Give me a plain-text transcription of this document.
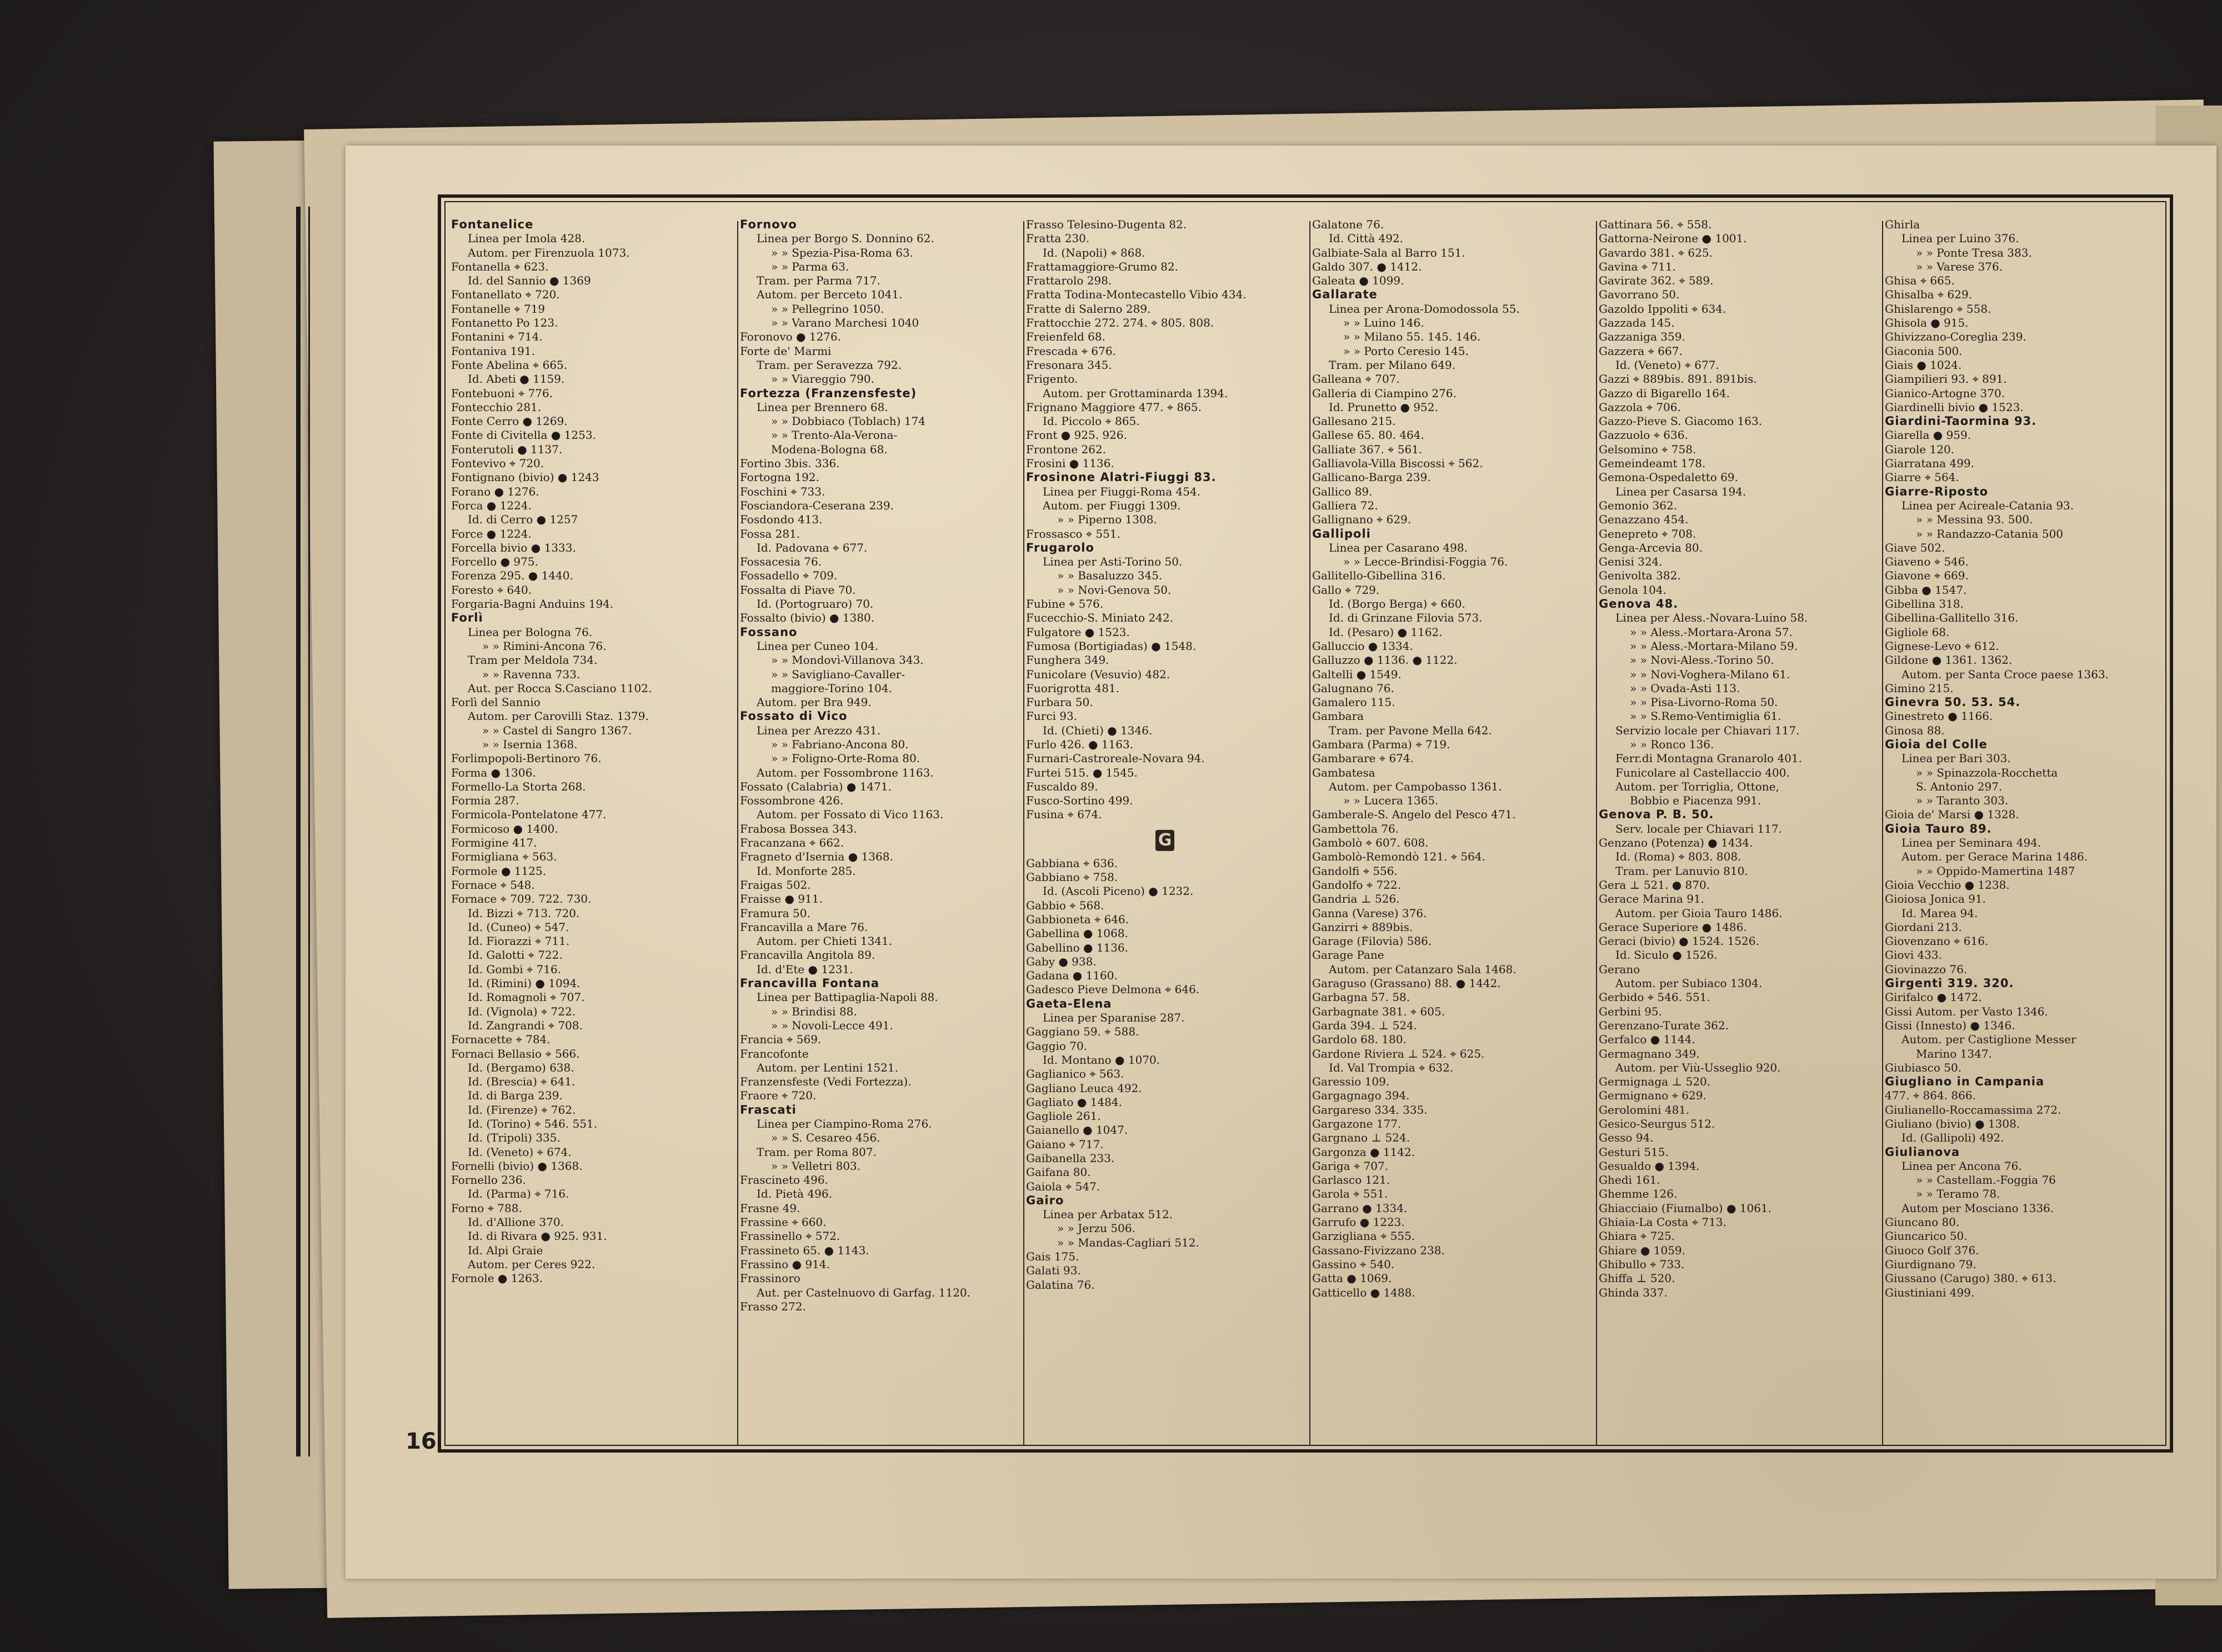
16
Fontanelice
Linea per Imola 428.
Autom. per Firenzuola 1073.
Fontanella ⌖ 623.
Id. del Sannio ● 1369
Fontanellato ⌖ 720.
Fontanelle ⌖ 719
Fontanetto Po 123.
Fontanini ⌖ 714.
Fontaniva 191.
Fonte Abelina ⌖ 665.
Id. Abeti ● 1159.
Fontebuoni ⌖ 776.
Fontecchio 281.
Fonte Cerro ● 1269.
Fonte di Civitella ● 1253.
Fonterutoli ● 1137.
Fontevivo ⌖ 720.
Fontignano (bivio) ● 1243
Forano ● 1276.
Forca ● 1224.
Id. di Cerro ● 1257
Force ● 1224.
Forcella bivio ● 1333.
Forcello ● 975.
Forenza 295. ● 1440.
Foresto ⌖ 640.
Forgaria-Bagni Anduins 194.
Forlì
Linea per Bologna 76.
» » Rimini-Ancona 76.
Tram per Meldola 734.
» » Ravenna 733.
Aut. per Rocca S.Casciano 1102.
Forlì del Sannio
Autom. per Carovilli Staz. 1379.
» » Castel di Sangro 1367.
» » Isernia 1368.
Forlimpopoli-Bertinoro 76.
Forma ● 1306.
Formello-La Storta 268.
Formia 287.
Formicola-Pontelatone 477.
Formicoso ● 1400.
Formigine 417.
Formigliana ⌖ 563.
Formole ● 1125.
Fornace ⌖ 548.
Fornace ⌖ 709. 722. 730.
Id. Bizzi ⌖ 713. 720.
Id. (Cuneo) ⌖ 547.
Id. Fiorazzi ⌖ 711.
Id. Galotti ⌖ 722.
Id. Gombi ⌖ 716.
Id. (Rimini) ● 1094.
Id. Romagnoli ⌖ 707.
Id. (Vignola) ⌖ 722.
Id. Zangrandi ⌖ 708.
Fornacette ⌖ 784.
Fornaci Bellasio ⌖ 566.
Id. (Bergamo) 638.
Id. (Brescia) ⌖ 641.
Id. di Barga 239.
Id. (Firenze) ⌖ 762.
Id. (Torino) ⌖ 546. 551.
Id. (Tripoli) 335.
Id. (Veneto) ⌖ 674.
Fornelli (bivio) ● 1368.
Fornello 236.
Id. (Parma) ⌖ 716.
Forno ⌖ 788.
Id. d'Allione 370.
Id. di Rivara ● 925. 931.
Id. Alpi Graie
Autom. per Ceres 922.
Fornole ● 1263.
Fornovo
Linea per Borgo S. Donnino 62.
» » Spezia-Pisa-Roma 63.
» » Parma 63.
Tram. per Parma 717.
Autom. per Berceto 1041.
» » Pellegrino 1050.
» » Varano Marchesi 1040
Foronovo ● 1276.
Forte de' Marmi
Tram. per Seravezza 792.
» » Viareggio 790.
Fortezza (Franzensfeste)
Linea per Brennero 68.
» » Dobbiaco (Toblach) 174
» » Trento-Ala-Verona-
Modena-Bologna 68.
Fortino 3bis. 336.
Fortogna 192.
Foschini ⌖ 733.
Fosciandora-Ceserana 239.
Fosdondo 413.
Fossa 281.
Id. Padovana ⌖ 677.
Fossacesia 76.
Fossadello ⌖ 709.
Fossalta di Piave 70.
Id. (Portogruaro) 70.
Fossalto (bivio) ● 1380.
Fossano
Linea per Cuneo 104.
» » Mondovì-Villanova 343.
» » Savigliano-Cavaller-
maggiore-Torino 104.
Autom. per Bra 949.
Fossato di Vico
Linea per Arezzo 431.
» » Fabriano-Ancona 80.
» » Foligno-Orte-Roma 80.
Autom. per Fossombrone 1163.
Fossato (Calabria) ● 1471.
Fossombrone 426.
Autom. per Fossato di Vico 1163.
Frabosa Bossea 343.
Fracanzana ⌖ 662.
Fragneto d'Isernia ● 1368.
Id. Monforte 285.
Fraigas 502.
Fraisse ● 911.
Framura 50.
Francavilla a Mare 76.
Autom. per Chieti 1341.
Francavilla Angitola 89.
Id. d'Ete ● 1231.
Francavilla Fontana
Linea per Battipaglia-Napoli 88.
» » Brindisi 88.
» » Novoli-Lecce 491.
Francia ⌖ 569.
Francofonte
Autom. per Lentini 1521.
Franzensfeste (Vedi Fortezza).
Fraore ⌖ 720.
Frascati
Linea per Ciampino-Roma 276.
» » S. Cesareo 456.
Tram. per Roma 807.
» » Velletri 803.
Frascineto 496.
Id. Pietà 496.
Frasne 49.
Frassine ⌖ 660.
Frassinello ⌖ 572.
Frassineto 65. ● 1143.
Frassino ● 914.
Frassinoro
Aut. per Castelnuovo di Garfag. 1120.
Frasso 272.
Frasso Telesino-Dugenta 82.
Fratta 230.
Id. (Napoli) ⌖ 868.
Frattamaggiore-Grumo 82.
Frattarolo 298.
Fratta Todina-Montecastello Vibio 434.
Fratte di Salerno 289.
Frattocchie 272. 274. ⌖ 805. 808.
Freienfeld 68.
Frescada ⌖ 676.
Fresonara 345.
Frigento.
Autom. per Grottaminarda 1394.
Frignano Maggiore 477. ⌖ 865.
Id. Piccolo ⌖ 865.
Front ● 925. 926.
Frontone 262.
Frosini ● 1136.
Frosinone Alatri-Fiuggi 83.
Linea per Fiuggi-Roma 454.
Autom. per Fiuggi 1309.
» » Piperno 1308.
Frossasco ⌖ 551.
Frugarolo
Linea per Asti-Torino 50.
» » Basaluzzo 345.
» » Novi-Genova 50.
Fubine ⌖ 576.
Fucecchio-S. Miniato 242.
Fulgatore ● 1523.
Fumosa (Bortigiadas) ● 1548.
Funghera 349.
Funicolare (Vesuvio) 482.
Fuorigrotta 481.
Furbara 50.
Furci 93.
Id. (Chieti) ● 1346.
Furlo 426. ● 1163.
Furnari-Castroreale-Novara 94.
Furtei 515. ● 1545.
Fuscaldo 89.
Fusco-Sortino 499.
Fusina ⌖ 674.
G
Gabbiana ⌖ 636.
Gabbiano ⌖ 758.
Id. (Ascoli Piceno) ● 1232.
Gabbio ⌖ 568.
Gabbioneta ⌖ 646.
Gabellina ● 1068.
Gabellino ● 1136.
Gaby ● 938.
Gadana ● 1160.
Gadesco Pieve Delmona ⌖ 646.
Gaeta-Elena
Linea per Sparanise 287.
Gaggiano 59. ⌖ 588.
Gaggio 70.
Id. Montano ● 1070.
Gaglianico ⌖ 563.
Gagliano Leuca 492.
Gagliato ● 1484.
Gagliole 261.
Gaianello ● 1047.
Gaiano ⌖ 717.
Gaibanella 233.
Gaifana 80.
Gaiola ⌖ 547.
Gairo
Linea per Arbatax 512.
» » Jerzu 506.
» » Mandas-Cagliari 512.
Gais 175.
Galati 93.
Galatina 76.
Galatone 76.
Id. Città 492.
Galbiate-Sala al Barro 151.
Galdo 307. ● 1412.
Galeata ● 1099.
Gallarate
Linea per Arona-Domodossola 55.
» » Luino 146.
» » Milano 55. 145. 146.
» » Porto Ceresio 145.
Tram. per Milano 649.
Galleana ⌖ 707.
Galleria di Ciampino 276.
Id. Prunetto ● 952.
Gallesano 215.
Gallese 65. 80. 464.
Galliate 367. ⌖ 561.
Galliavola-Villa Biscossi ⌖ 562.
Gallicano-Barga 239.
Gallico 89.
Galliera 72.
Gallignano ⌖ 629.
Gallipoli
Linea per Casarano 498.
» » Lecce-Brindisi-Foggia 76.
Gallitello-Gibellina 316.
Gallo ⌖ 729.
Id. (Borgo Berga) ⌖ 660.
Id. di Grinzane Filovia 573.
Id. (Pesaro) ● 1162.
Galluccio ● 1334.
Galluzzo ● 1136. ● 1122.
Galtelli ● 1549.
Galugnano 76.
Gamalero 115.
Gambara
Tram. per Pavone Mella 642.
Gambara (Parma) ⌖ 719.
Gambarare ⌖ 674.
Gambatesa
Autom. per Campobasso 1361.
» » Lucera 1365.
Gamberale-S. Angelo del Pesco 471.
Gambettola 76.
Gambolò ⌖ 607. 608.
Gambolò-Remondò 121. ⌖ 564.
Gandolfi ⌖ 556.
Gandolfo ⌖ 722.
Gandria ⊥ 526.
Ganna (Varese) 376.
Ganzirri ⌖ 889bis.
Garage (Filovia) 586.
Garage Pane
Autom. per Catanzaro Sala 1468.
Garaguso (Grassano) 88. ● 1442.
Garbagna 57. 58.
Garbagnate 381. ⌖ 605.
Garda 394. ⊥ 524.
Gardolo 68. 180.
Gardone Riviera ⊥ 524. ⌖ 625.
Id. Val Trompia ⌖ 632.
Garessio 109.
Gargagnago 394.
Gargareso 334. 335.
Gargazone 177.
Gargnano ⊥ 524.
Gargonza ● 1142.
Gariga ⌖ 707.
Garlasco 121.
Garola ⌖ 551.
Garrano ● 1334.
Garrufo ● 1223.
Garzigliana ⌖ 555.
Gassano-Fivizzano 238.
Gassino ⌖ 540.
Gatta ● 1069.
Gatticello ● 1488.
Gattinara 56. ⌖ 558.
Gattorna-Neirone ● 1001.
Gavardo 381. ⌖ 625.
Gavina ⌖ 711.
Gavirate 362. ⌖ 589.
Gavorrano 50.
Gazoldo Ippoliti ⌖ 634.
Gazzada 145.
Gazzaniga 359.
Gazzera ⌖ 667.
Id. (Veneto) ⌖ 677.
Gazzi ⌖ 889bis. 891. 891bis.
Gazzo di Bigarello 164.
Gazzola ⌖ 706.
Gazzo-Pieve S. Giacomo 163.
Gazzuolo ⌖ 636.
Gelsomino ⌖ 758.
Gemeindeamt 178.
Gemona-Ospedaletto 69.
Linea per Casarsa 194.
Gemonio 362.
Genazzano 454.
Genepreto ⌖ 708.
Genga-Arcevia 80.
Genisi 324.
Genivolta 382.
Genola 104.
Genova 48.
Linea per Aless.-Novara-Luino 58.
» » Aless.-Mortara-Arona 57.
» » Aless.-Mortara-Milano 59.
» » Novi-Aless.-Torino 50.
» » Novi-Voghera-Milano 61.
» » Ovada-Asti 113.
» » Pisa-Livorno-Roma 50.
» » S.Remo-Ventimiglia 61.
Servizio locale per Chiavari 117.
» » Ronco 136.
Ferr.di Montagna Granarolo 401.
Funicolare al Castellaccio 400.
Autom. per Torriglia, Ottone,
Bobbio e Piacenza 991.
Genova P. B. 50.
Serv. locale per Chiavari 117.
Genzano (Potenza) ● 1434.
Id. (Roma) ⌖ 803. 808.
Tram. per Lanuvio 810.
Gera ⊥ 521. ● 870.
Gerace Marina 91.
Autom. per Gioia Tauro 1486.
Gerace Superiore ● 1486.
Geraci (bivio) ● 1524. 1526.
Id. Siculo ● 1526.
Gerano
Autom. per Subiaco 1304.
Gerbido ⌖ 546. 551.
Gerbini 95.
Gerenzano-Turate 362.
Gerfalco ● 1144.
Germagnano 349.
Autom. per Viù-Usseglio 920.
Germignaga ⊥ 520.
Germignano ⌖ 629.
Gerolomini 481.
Gesico-Seurgus 512.
Gesso 94.
Gesturi 515.
Gesualdo ● 1394.
Ghedi 161.
Ghemme 126.
Ghiacciaio (Fiumalbo) ● 1061.
Ghiaia-La Costa ⌖ 713.
Ghiara ⌖ 725.
Ghiare ● 1059.
Ghibullo ⌖ 733.
Ghiffa ⊥ 520.
Ghinda 337.
Ghirla
Linea per Luino 376.
» » Ponte Tresa 383.
» » Varese 376.
Ghisa ⌖ 665.
Ghisalba ⌖ 629.
Ghislarengo ⌖ 558.
Ghisola ● 915.
Ghivizzano-Coreglia 239.
Giaconia 500.
Giais ● 1024.
Giampilieri 93. ⌖ 891.
Gianico-Artogne 370.
Giardinelli bivio ● 1523.
Giardini-Taormina 93.
Giarella ● 959.
Giarole 120.
Giarratana 499.
Giarre ⌖ 564.
Giarre-Riposto
Linea per Acireale-Catania 93.
» » Messina 93. 500.
» » Randazzo-Catania 500
Giave 502.
Giaveno ⌖ 546.
Giavone ⌖ 669.
Gibba ● 1547.
Gibellina 318.
Gibellina-Gallitello 316.
Gigliole 68.
Gignese-Levo ⌖ 612.
Gildone ● 1361. 1362.
Autom. per Santa Croce paese 1363.
Gimino 215.
Ginevra 50. 53. 54.
Ginestreto ● 1166.
Ginosa 88.
Gioia del Colle
Linea per Bari 303.
» » Spinazzola-Rocchetta
S. Antonio 297.
» » Taranto 303.
Gioia de' Marsi ● 1328.
Gioia Tauro 89.
Linea per Seminara 494.
Autom. per Gerace Marina 1486.
» » Oppido-Mamertina 1487
Gioia Vecchio ● 1238.
Gioiosa Jonica 91.
Id. Marea 94.
Giordani 213.
Giovenzano ⌖ 616.
Giovi 433.
Giovinazzo 76.
Girgenti 319. 320.
Girifalco ● 1472.
Gissi Autom. per Vasto 1346.
Gissi (Innesto) ● 1346.
Autom. per Castiglione Messer
Marino 1347.
Giubiasco 50.
Giugliano in Campania
477. ⌖ 864. 866.
Giulianello-Roccamassima 272.
Giuliano (bivio) ● 1308.
Id. (Gallipoli) 492.
Giulianova
Linea per Ancona 76.
» » Castellam.-Foggia 76
» » Teramo 78.
Autom per Mosciano 1336.
Giuncano 80.
Giuncarico 50.
Giuoco Golf 376.
Giurdignano 79.
Giussano (Carugo) 380. ⌖ 613.
Giustiniani 499.
